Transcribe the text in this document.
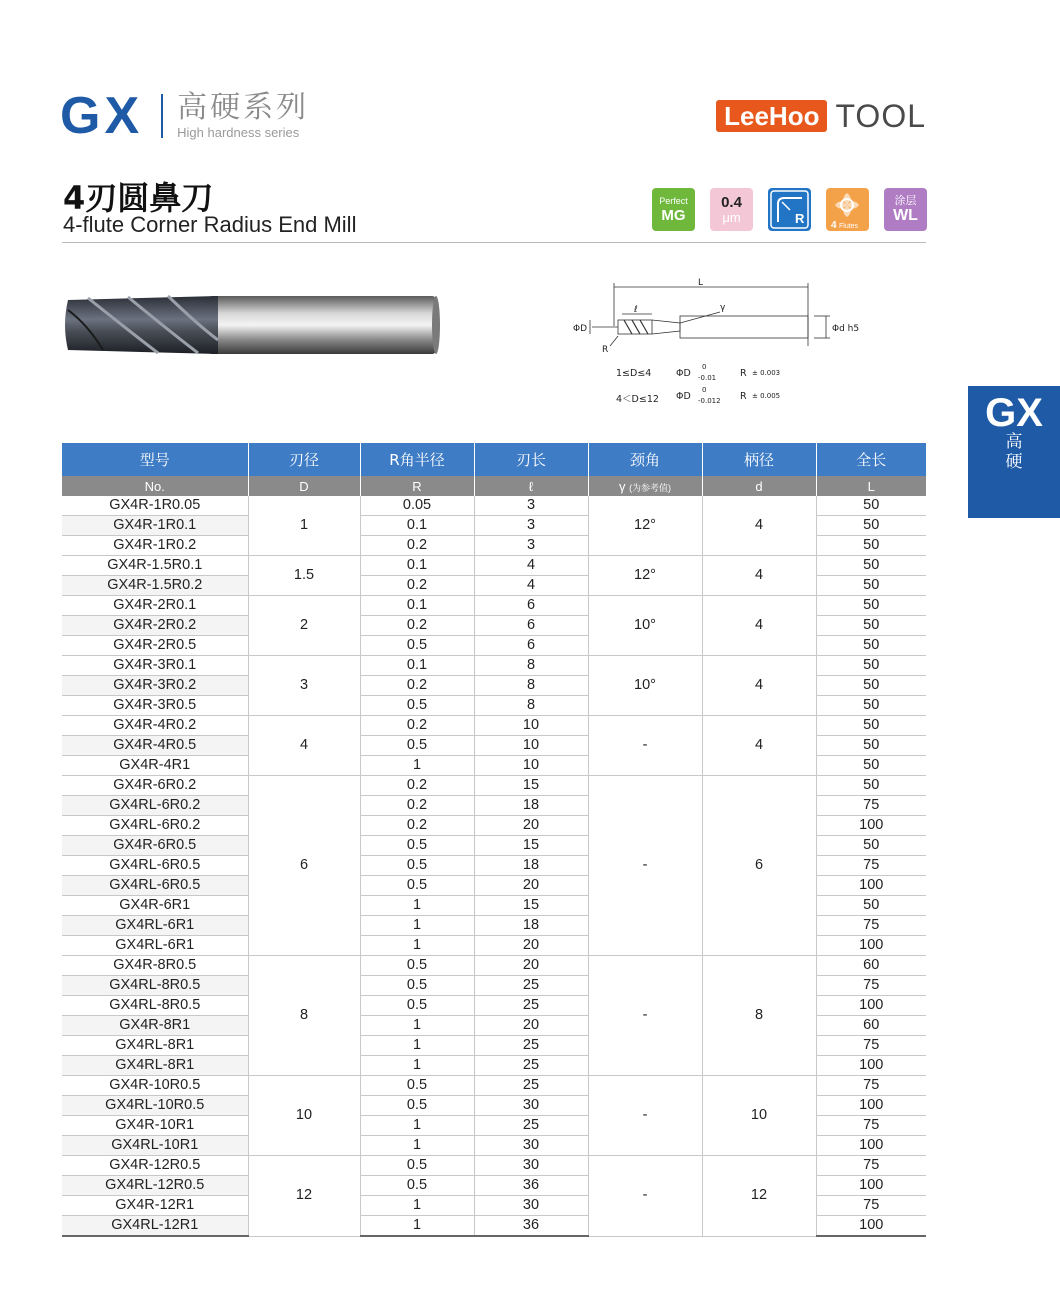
GX 高硬系列
High hardness series
LeeHoo TOOL
4刃圆鼻刀
4-flute Corner Radius End Mill
Perfect
MG
0.4
μm	R	4 Flutes
涂层
WL
L
ℓ	γ
ΦD
R
Φd h5
1≤D≤4	ΦD
0
-0.01	R ± 0.003
4＜D≤12 ΦD
0
-0.012 R ± 0.005	GX
高
硬
型号	刃径	R角半径	刃长	颈角	柄径	全长
No.	D	R	ℓ	γ (为参考值)	d	L
GX4R-1R0.05	1	0.05	3	12°	4	50
GX4R-1R0.1		0.1	3			50
GX4R-1R0.2		0.2	3			50
GX4R-1.5R0.1	1.5	0.1	4	12°	4	50
GX4R-1.5R0.2		0.2	4			50
GX4R-2R0.1	2	0.1	6	10°	4	50
GX4R-2R0.2		0.2	6			50
GX4R-2R0.5		0.5	6			50
GX4R-3R0.1	3	0.1	8	10°	4	50
GX4R-3R0.2		0.2	8			50
GX4R-3R0.5		0.5	8			50
GX4R-4R0.2	4	0.2	10	-	4	50
GX4R-4R0.5		0.5	10			50
GX4R-4R1		1	10			50
GX4R-6R0.2	6	0.2	15	-	6	50
GX4RL-6R0.2		0.2	18			75
GX4RL-6R0.2		0.2	20			100
GX4R-6R0.5		0.5	15			50
GX4RL-6R0.5		0.5	18			75
GX4RL-6R0.5		0.5	20			100
GX4R-6R1		1	15			50
GX4RL-6R1		1	18			75
GX4RL-6R1		1	20			100
GX4R-8R0.5	8	0.5	20	-	8	60
GX4RL-8R0.5		0.5	25			75
GX4RL-8R0.5		0.5	25			100
GX4R-8R1		1	20			60
GX4RL-8R1		1	25			75
GX4RL-8R1		1	25			100
GX4R-10R0.5	10	0.5	25	-	10	75
GX4RL-10R0.5		0.5	30			100
GX4R-10R1		1	25			75
GX4RL-10R1		1	30			100
GX4R-12R0.5	12	0.5	30	-	12	75
GX4RL-12R0.5		0.5	36			100
GX4R-12R1		1	30			75
GX4RL-12R1		1	36			100
